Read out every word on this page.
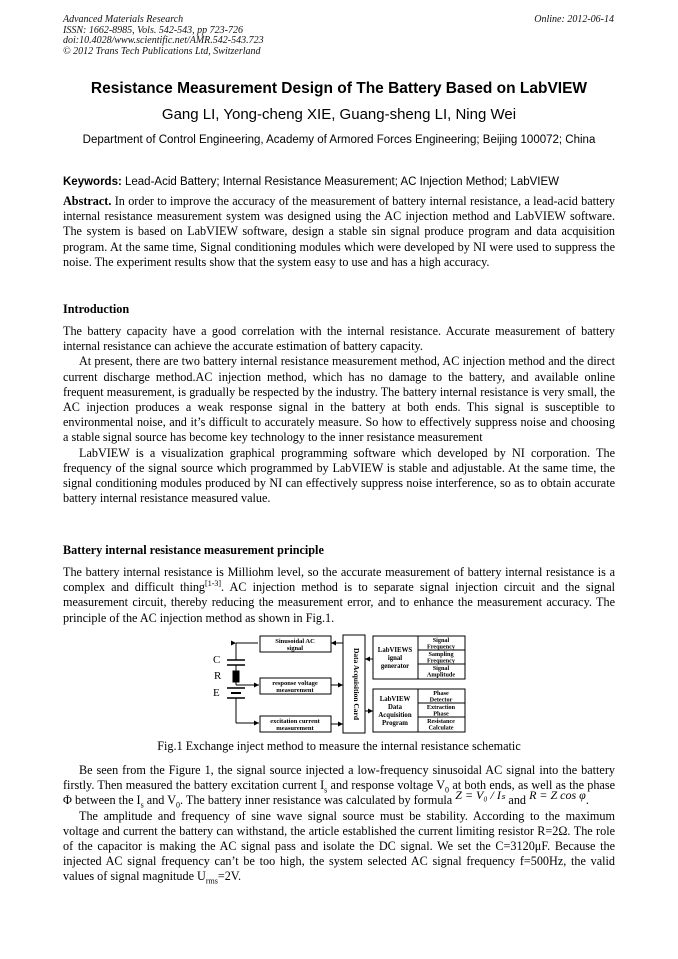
Advanced Materials Research
ISSN: 1662-8985, Vols. 542-543, pp 723-726
doi:10.4028/www.scientific.net/AMR.542-543.723
© 2012 Trans Tech Publications Ltd, Switzerland
Online: 2012-06-14
Resistance Measurement Design of The Battery Based on LabVIEW
Gang LI, Yong-cheng XIE, Guang-sheng LI, Ning Wei
Department of Control Engineering, Academy of Armored Forces Engineering; Beijing 100072; China
Keywords: Lead-Acid Battery; Internal Resistance Measurement; AC Injection Method; LabVIEW
Abstract. In order to improve the accuracy of the measurement of battery internal resistance, a lead-acid battery internal resistance measurement system was designed using the AC injection method and LabVIEW software. The system is based on LabVIEW software, design a stable sin signal produce program and data acquisition program. At the same time, Signal conditioning modules which were developed by NI were used to suppress the noise. The experiment results show that the system easy to use and has a high accuracy.
Introduction
The battery capacity have a good correlation with the internal resistance. Accurate measurement of battery internal resistance can achieve the accurate estimation of battery capacity.
At present, there are two battery internal resistance measurement method, AC injection method and the direct current discharge method.AC injection method, which has no damage to the battery, and available online frequent measurement, is gradually be respected by the industry. The battery internal resistance is very small, the AC injection produces a weak response signal in the battery at both ends. This signal is susceptible to environmental noise, and it’s difficult to accurately measure. So how to effectively suppress noise and choosing a stable signal source has become key technology to the inner resistance measurement
LabVIEW is a visualization graphical programming software which developed by NI corporation. The frequency of the signal source which programmed by LabVIEW is stable and adjustable. At the same time, the signal conditioning modules produced by NI can effectively suppress noise interference, so as to obtain accurate battery internal resistance measured value.
Battery internal resistance measurement principle
The battery internal resistance is Milliohm level, so the accurate measurement of battery internal resistance is a complex and difficult thing[1-3]. AC injection method is to separate signal injection circuit and the signal measurement circuit, thereby reducing the measurement error, and to enhance the measurement accuracy. The principle of the AC injection method as shown in Fig.1.
C
R
E
Sinusoidal AC
signal
response voltage
measurement
excitation current
measurement
Data Acquisition Card LabVIEWS
ignal
generator
Signal
Frequency
Sampling
Frequency
Signal
Amplitude
LabVIEW
Data
Acquisition
Program
Phase
Detector
Extraction
Phase
Resistance
Calculate
Fig.1 Exchange inject method to measure the internal resistance schematic
Be seen from the Figure 1, the signal source injected a low-frequency sinusoidal AC signal into the battery firstly. Then measured the battery excitation current $I_s$ and response voltage $V_0$ at both ends, as well as the phase Φ between the $I_s$ and $V_0$. The battery inner resistance was calculated by formula Z = V₀ / Iₛ and R = Z cos φ.
The amplitude and frequency of sine wave signal source must be stability. According to the maximum voltage and current the battery can withstand, the article established the current limiting resistor R=2Ω. The role of the capacitor is making the AC signal pass and isolate the DC signal. We set the C=3120μF. Because the injected AC signal frequency can’t be too high, the system selected AC signal frequency f=500Hz, the valid values of signal magnitude $U_{rms}=2V$.
